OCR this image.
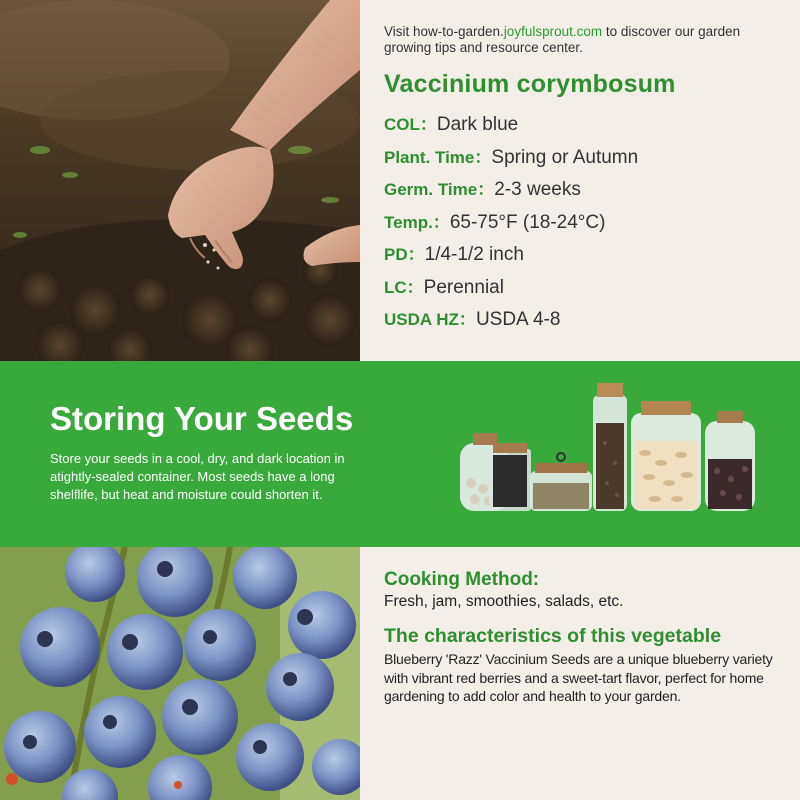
Visit how-to-garden.joyfulsprout.com to discover our garden growing tips and resource center.

Vaccinium corymbosum
COL：Dark blue
Plant. Time：Spring or Autumn
Germ. Time：2-3 weeks
Temp.：65-75°F (18-24°C)
PD：1/4-1/2 inch
LC：Perennial
USDA HZ：USDA 4-8
Storing Your Seeds

Store your seeds in a cool, dry, and dark location in atightly-sealed container. Most seeds have a long shelflife, but heat and moisture could shorten it.

Cooking Method:

Fresh, jam, smoothies, salads, etc.

The characteristics of this vegetable

Blueberry 'Razz' Vaccinium Seeds are a unique blueberry variety with vibrant red berries and a sweet-tart flavor, perfect for home gardening to add color and health to your garden.
